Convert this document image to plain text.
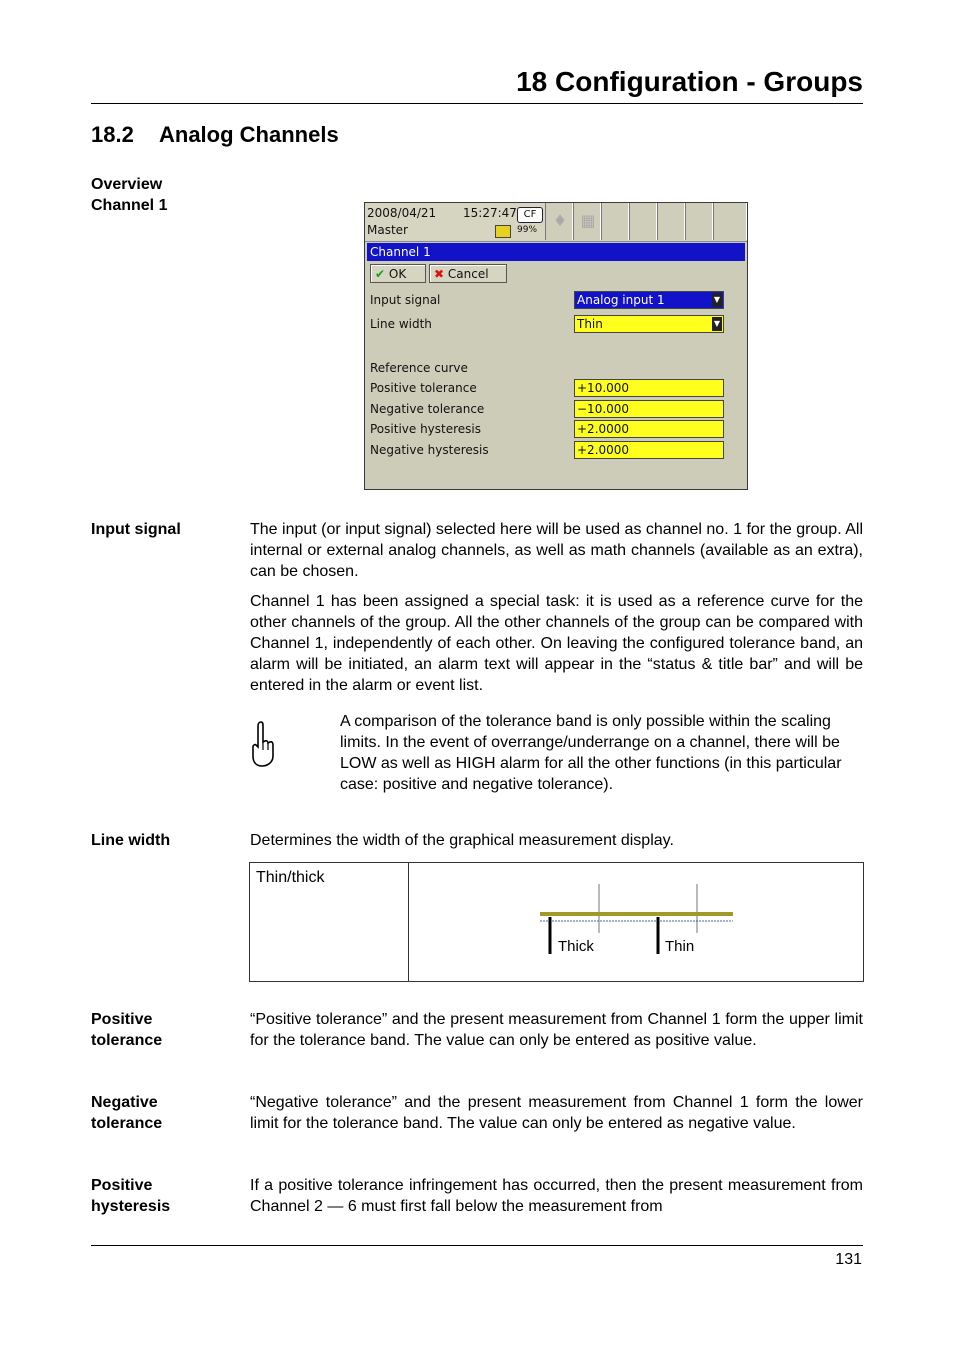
18 Configuration - Groups
18.2 Analog Channels
Overview
Channel 1	2008/04/21
Master
15:27:47 CF
99% ♦ ▦
Channel 1
✔ OK	✖ Cancel
Input signal	Analog input 1	▼
Line width	Thin	▼
Reference curve
Positive tolerance	+10.000
Negative tolerance	−10.000
Positive hysteresis	+2.0000
Negative hysteresis	+2.0000
Input signal	The input (or input signal) selected here will be used as channel no. 1 for the group. All internal or external analog channels, as well as math channels (available as an extra), can be chosen.
Channel 1 has been assigned a special task: it is used as a reference curve for the other channels of the group. All the other channels of the group can be compared with Channel 1, independently of each other. On leaving the configured tolerance band, an alarm will be initiated, an alarm text will appear in the “status & title bar” and will be entered in the alarm or event list.
A comparison of the tolerance band is only possible within the scaling limits. In the event of overrange/underrange on a channel, there will be LOW as well as HIGH alarm for all the other functions (in this particular case: positive and negative tolerance).
Line width	Determines the width of the graphical measurement display.
Thin/thick
Thick	Thin
Positive
tolerance
“Positive tolerance” and the present measurement from Channel 1 form the upper limit for the tolerance band. The value can only be entered as positive value.
Negative
tolerance
“Negative tolerance” and the present measurement from Channel 1 form the lower limit for the tolerance band. The value can only be entered as negative value.
Positive
hysteresis
If a positive tolerance infringement has occurred, then the present measurement from Channel 2 — 6 must first fall below the measurement from
131
